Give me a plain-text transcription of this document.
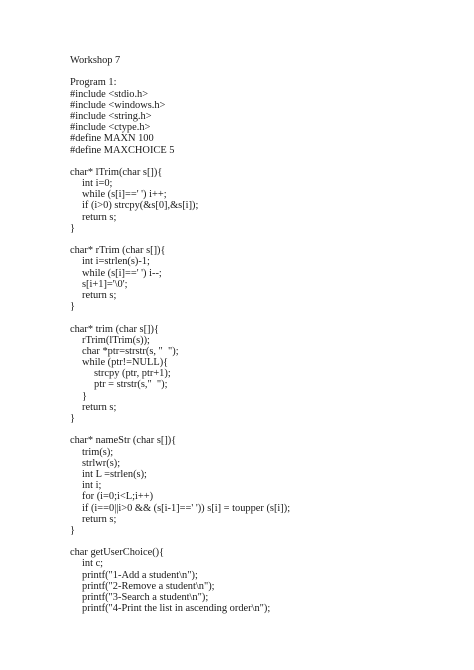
Workshop 7
Program 1:
#include <stdio.h>
#include <windows.h>
#include <string.h>
#include <ctype.h>
#define MAXN 100
#define MAXCHOICE 5
char* lTrim(char s[]){
int i=0;
while (s[i]==' ') i++;
if (i>0) strcpy(&s[0],&s[i]);
return s;
}
char* rTrim (char s[]){
int i=strlen(s)-1;
while (s[i]==' ') i--;
s[i+1]='\0';
return s;
}
char* trim (char s[]){
rTrim(lTrim(s));
char *ptr=strstr(s, "  ");
while (ptr!=NULL){
strcpy (ptr, ptr+1);
ptr = strstr(s,"  ");
}
return s;
}
char* nameStr (char s[]){
trim(s);
strlwr(s);
int L =strlen(s);
int i;
for (i=0;i<L;i++)
if (i==0||i>0 && (s[i-1]==' ')) s[i] = toupper (s[i]);
return s;
}
char getUserChoice(){
int c;
printf("1-Add a student\n");
printf("2-Remove a student\n");
printf("3-Search a student\n");
printf("4-Print the list in ascending order\n");
